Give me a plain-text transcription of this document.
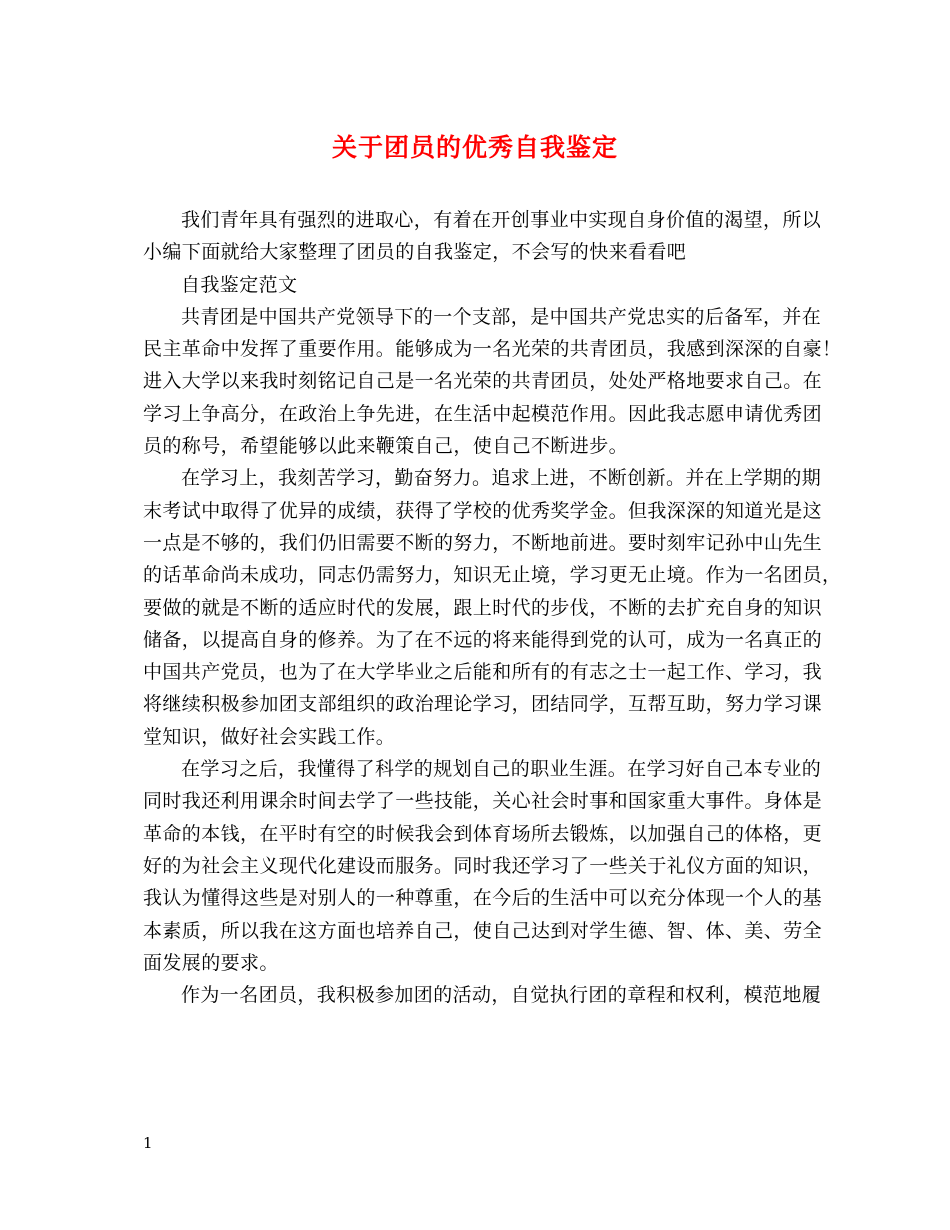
关于团员的优秀自我鉴定
我们青年具有强烈的进取心，有着在开创事业中实现自身价值的渴望，所以
小编下面就给大家整理了团员的自我鉴定，不会写的快来看看吧
自我鉴定范文
共青团是中国共产党领导下的一个支部，是中国共产党忠实的后备军，并在
民主革命中发挥了重要作用。能够成为一名光荣的共青团员，我感到深深的自豪！
进入大学以来我时刻铭记自己是一名光荣的共青团员，处处严格地要求自己。在
学习上争高分，在政治上争先进，在生活中起模范作用。因此我志愿申请优秀团
员的称号，希望能够以此来鞭策自己，使自己不断进步。
在学习上，我刻苦学习，勤奋努力。追求上进，不断创新。并在上学期的期
末考试中取得了优异的成绩，获得了学校的优秀奖学金。但我深深的知道光是这
一点是不够的，我们仍旧需要不断的努力，不断地前进。要时刻牢记孙中山先生
的话革命尚未成功，同志仍需努力，知识无止境，学习更无止境。作为一名团员，
要做的就是不断的适应时代的发展，跟上时代的步伐，不断的去扩充自身的知识
储备，以提高自身的修养。为了在不远的将来能得到党的认可，成为一名真正的
中国共产党员，也为了在大学毕业之后能和所有的有志之士一起工作、学习，我
将继续积极参加团支部组织的政治理论学习，团结同学，互帮互助，努力学习课
堂知识，做好社会实践工作。
在学习之后，我懂得了科学的规划自己的职业生涯。在学习好自己本专业的
同时我还利用课余时间去学了一些技能，关心社会时事和国家重大事件。身体是
革命的本钱，在平时有空的时候我会到体育场所去锻炼，以加强自己的体格，更
好的为社会主义现代化建设而服务。同时我还学习了一些关于礼仪方面的知识，
我认为懂得这些是对别人的一种尊重，在今后的生活中可以充分体现一个人的基
本素质，所以我在这方面也培养自己，使自己达到对学生德、智、体、美、劳全
面发展的要求。
作为一名团员，我积极参加团的活动，自觉执行团的章程和权利，模范地履
1
